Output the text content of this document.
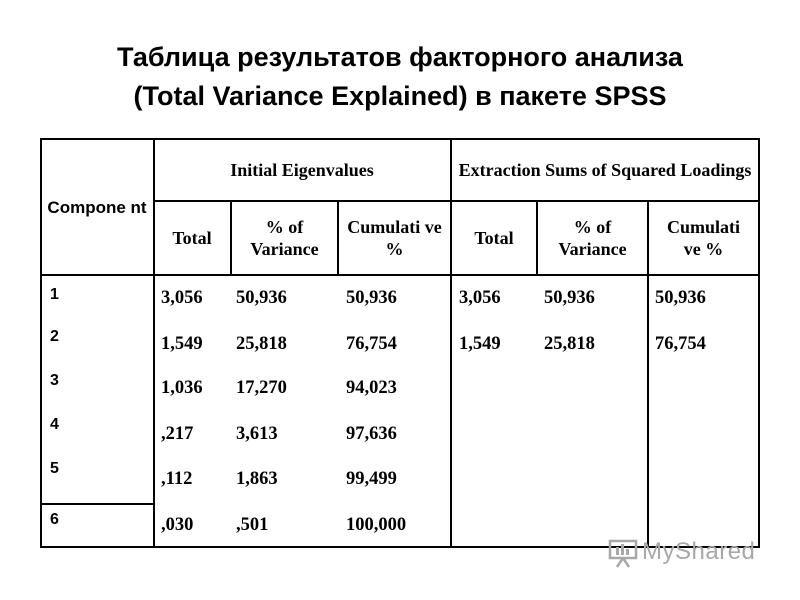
Таблица результатов факторного анализа
(Total Variance Explained) в пакете SPSS
Compone nt
Initial Eigenvalues	Extraction Sums of Squared Loadings
Total
% of Variance
Cumulati ve %
Total
% of Variance
Cumulati ve %
1
2
3
4
5
6
3,056
1,549
1,036
,217
,112
,030
50,936
25,818
17,270
3,613
1,863
,501
50,936
76,754
94,023
97,636
99,499
100,000
3,056
1,549
50,936
25,818
50,936
76,754
MyShared
